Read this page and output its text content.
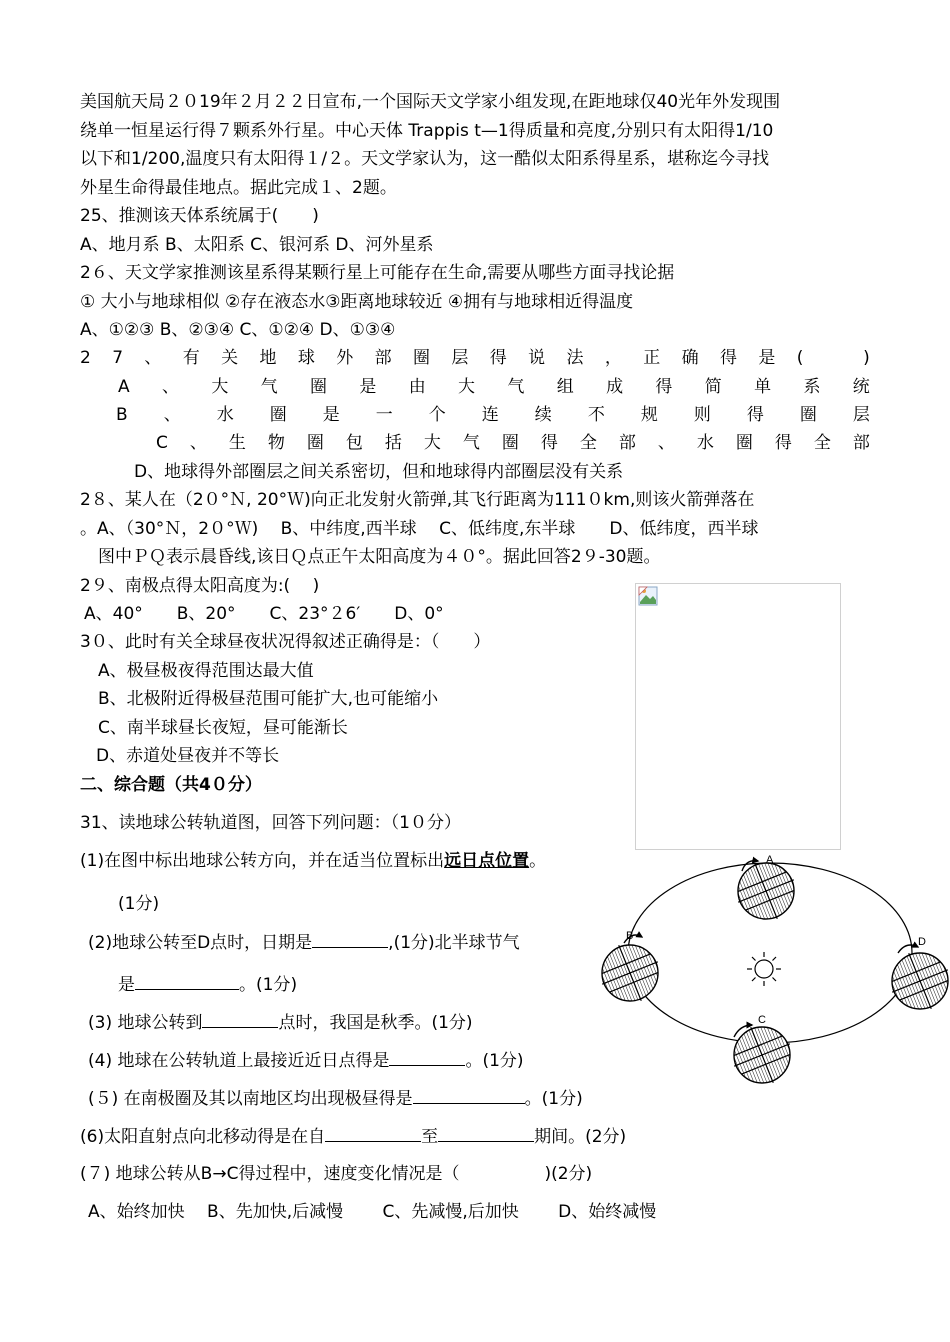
美国航天局２０19年２月２２日宣布,一个国际天文学家小组发现,在距地球仅40光年外发现围
绕单一恒星运行得７颗系外行星。中心天体 Trappis t—1得质量和亮度,分别只有太阳得1/10
以下和1/200,温度只有太阳得１/２。天文学家认为，这一酷似太阳系得星系，堪称迄今寻找
外星生命得最佳地点。据此完成１、2题。
25、推测该天体系统属于(　　)
A、地月系 B、太阳系 C、银河系 D、河外星系
2６、天文学家推测该星系得某颗行星上可能存在生命,需要从哪些方面寻找论据
① 大小与地球相似 ②存在液态水③距离地球较近 ④拥有与地球相近得温度
A、①②③ B、②③④ C、①②④ D、①③④
2 7 、 有 关 地 球 外 部 圈 层 得 说 法 ， 正 确 得 是 (
　	)
A 、 大 气 圈 是 由 大 气 组 成 得 简 单 系 统
B 、 水 圈 是 一 个 连 续 不 规 则 得 圈 层
C 、 生 物 圈 包 括 大 气 圈 得 全 部 、 水 圈 得 全 部
D、地球得外部圈层之间关系密切，但和地球得内部圈层没有关系
2８、某人在（2０°Ｎ, 20°Ｗ)向正北发射火箭弹,其飞行距离为111０km,则该火箭弹落在
。A、（30°Ｎ，2０°Ｗ)　 B、中纬度,西半球　 C、低纬度,东半球　　D、低纬度，西半球
图中ＰＱ表示晨昏线,该日Ｑ点正午太阳高度为４０°。据此回答2９-30题。
2９、南极点得太阳高度为:(　 )
A、40°　　B、20°　　C、23°２6′　　D、0°
3０、此时有关全球昼夜状况得叙述正确得是：（　　）
A、极昼极夜得范围达最大值
B、北极附近得极昼范围可能扩大,也可能缩小
C、南半球昼长夜短，昼可能渐长
D、赤道处昼夜并不等长
二、综合题（共4０分）
31、读地球公转轨道图，回答下列问题：（1０分）
(1)在图中标出地球公转方向，并在适当位置标出远日点位置。
(1分)
(2)地球公转至D点时，日期是	,(1分)北半球节气
是	。(1分)
(3) 地球公转到	点时，我国是秋季。(1分)
(4) 地球在公转轨道上最接近近日点得是	。(1分)
(５) 在南极圈及其以南地区均出现极昼得是	。(1分)
(6)太阳直射点向北移动得是在自	至	期间。(2分)
(７) 地球公转从B→C得过程中，速度变化情况是（　　　　　)(2分)
A、始终加快　 B、先加快,后减慢　　 C、先减慢,后加快　　 D、始终减慢
A
B
C
D
